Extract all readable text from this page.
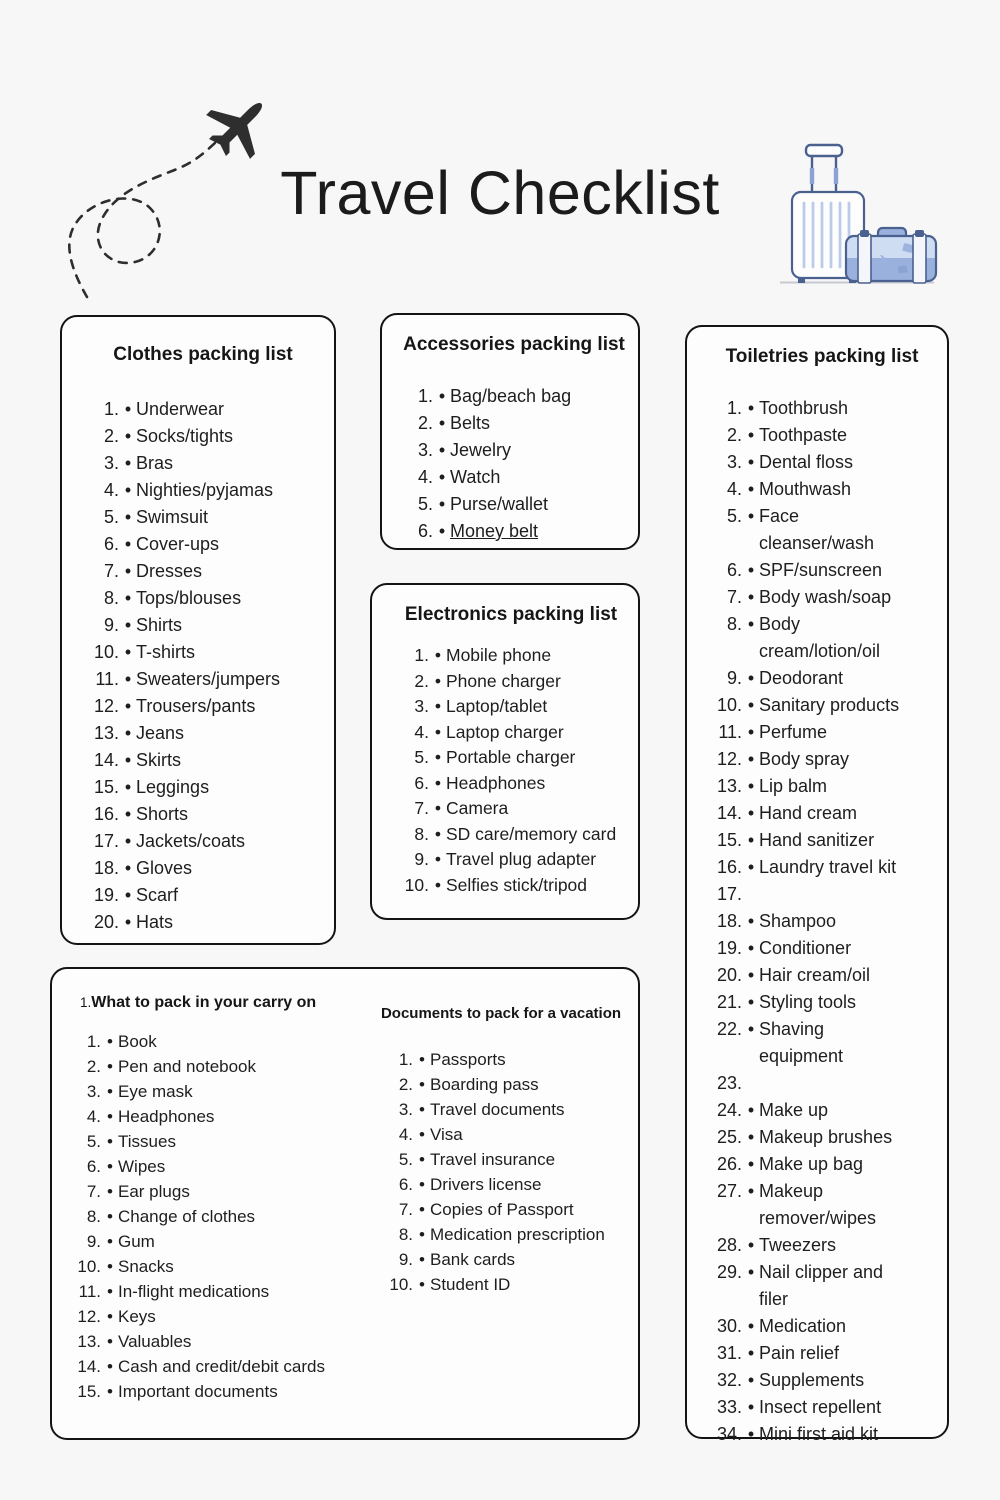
Travel Checklist
✈
Clothes packing list
1. • Underwear
2. • Socks/tights
3. • Bras
4. • Nighties/pyjamas
5. • Swimsuit
6. • Cover-ups
7. • Dresses
8. • Tops/blouses
9. • Shirts
10. • T-shirts
11. • Sweaters/jumpers
12. • Trousers/pants
13. • Jeans
14. • Skirts
15. • Leggings
16. • Shorts
17. • Jackets/coats
18. • Gloves
19. • Scarf
20. • Hats
Accessories packing list
1. • Bag/beach bag
2. • Belts
3. • Jewelry
4. • Watch
5. • Purse/wallet
6. • Money belt
Electronics packing list
1. • Mobile phone
2. • Phone charger
3. • Laptop/tablet
4. • Laptop charger
5. • Portable charger
6. • Headphones
7. • Camera
8. • SD care/memory card
9. • Travel plug adapter
10. • Selfies stick/tripod
Toiletries packing list
1. • Toothbrush
2. • Toothpaste
3. • Dental floss
4. • Mouthwash
5. • Face cleanser/wash
6. • SPF/sunscreen
7. • Body wash/soap
8. • Body cream/lotion/oil
9. • Deodorant
10. • Sanitary products
11. • Perfume
12. • Body spray
13. • Lip balm
14. • Hand cream
15. • Hand sanitizer
16. • Laundry travel kit
17.
18. • Shampoo
19. • Conditioner
20. • Hair cream/oil
21. • Styling tools
22. • Shaving equipment
23.
24. • Make up
25. • Makeup brushes
26. • Make up bag
27. • Makeup remover/wipes
28. • Tweezers
29. • Nail clipper and filer
30. • Medication
31. • Pain relief
32. • Supplements
33. • Insect repellent
34. • Mini first aid kit
1.What to pack in your carry on
1. • Book
2. • Pen and notebook
3. • Eye mask
4. • Headphones
5. • Tissues
6. • Wipes
7. • Ear plugs
8. • Change of clothes
9. • Gum
10. • Snacks
11. • In-flight medications
12. • Keys
13. • Valuables
14. • Cash and credit/debit cards
15. • Important documents
Documents to pack for a vacation
1. • Passports
2. • Boarding pass
3. • Travel documents
4. • Visa
5. • Travel insurance
6. • Drivers license
7. • Copies of Passport
8. • Medication prescription
9. • Bank cards
10. • Student ID
